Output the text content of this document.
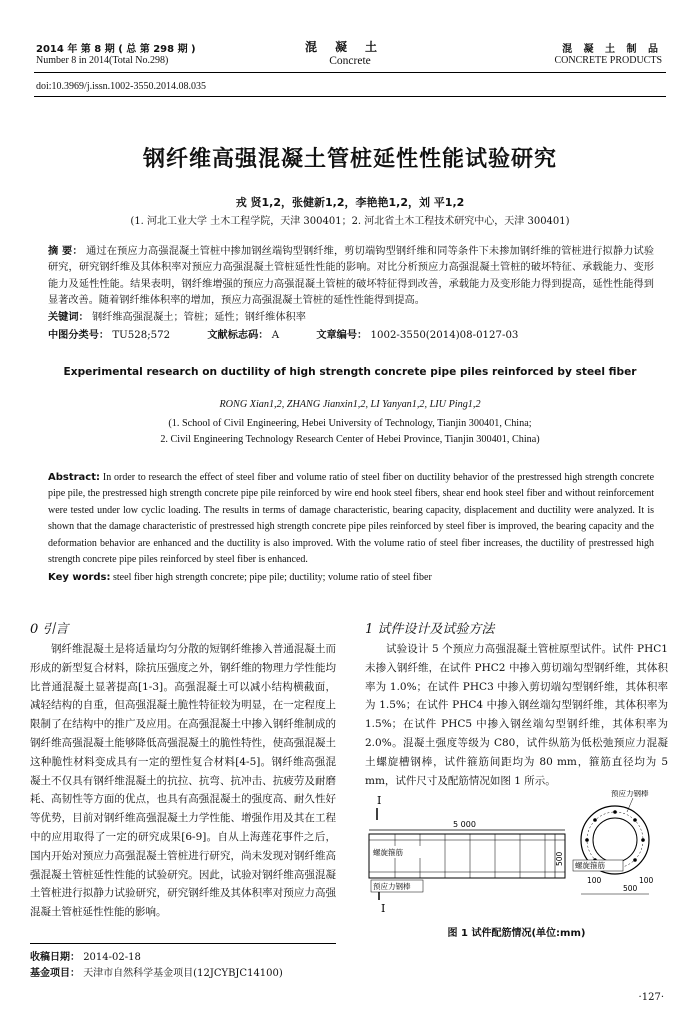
2014 年 第 8 期 ( 总 第 298 期 )
Number 8 in 2014(Total No.298)
混凝土
Concrete
混 凝 土 制 品
CONCRETE PRODUCTS
doi:10.3969/j.issn.1002-3550.2014.08.035
钢纤维高强混凝土管桩延性性能试验研究
戎 贤1,2，张健新1,2，李艳艳1,2，刘 平1,2
(1. 河北工业大学 土木工程学院，天津 300401；2. 河北省土木工程技术研究中心，天津 300401)
摘 要： 通过在预应力高强混凝土管桩中掺加钢丝端钩型钢纤维，剪切端钩型钢纤维和同等条件下未掺加钢纤维的管桩进行拟静力试验研究，研究钢纤维及其体积率对预应力高强混凝土管桩延性性能的影响。对比分析预应力高强混凝土管桩的破坏特征、承载能力、变形能力及延性性能。结果表明，钢纤维增强的预应力高强混凝土管桩的破坏特征得到改善，承载能力及变形能力得到提高，延性性能得到显著改善。随着钢纤维体积率的增加，预应力高强混凝土管桩的延性性能得到提高。
关键词： 钢纤维高强混凝土；管桩；延性；钢纤维体积率
中图分类号： TU528;572	文献标志码： A	文章编号： 1002-3550(2014)08-0127-03
Experimental research on ductility of high strength concrete pipe piles reinforced by steel fiber
RONG Xian1,2, ZHANG Jianxin1,2, LI Yanyan1,2, LIU Ping1,2
(1. School of Civil Engineering, Hebei University of Technology, Tianjin 300401, China;
2. Civil Engineering Technology Research Center of Hebei Province, Tianjin 300401, China)
Abstract: In order to research the effect of steel fiber and volume ratio of steel fiber on ductility behavior of the prestressed high strength concrete pipe pile, the prestressed high strength concrete pipe pile reinforced by wire end hook steel fibers, shear end hook steel fiber and without reinforcement were tested under low cyclic loading. The results in terms of damage characteristic, bearing capacity, displacement and ductility were analyzed. It is shown that the damage characteristic of prestressed high strength concrete pipe piles reinforced by steel fiber is improved, the bearing capacity and the deformation behavior are enhanced and the ductility is also improved. With the volume ratio of steel fiber increases, the ductility of prestressed high strength concrete pipe piles reinforced by steel fiber is enhanced.
Key words: steel fiber high strength concrete; pipe pile; ductility; volume ratio of steel fiber
0 引言
钢纤维混凝土是将适量均匀分散的短钢纤维掺入普通混凝土而形成的新型复合材料，除抗压强度之外，钢纤维的物理力学性能均比普通混凝土显著提高[1-3]。高强混凝土可以减小结构横截面，减轻结构的自重，但高强混凝土脆性特征较为明显，在一定程度上限制了在结构中的推广及应用。在高强混凝土中掺入钢纤维制成的钢纤维高强混凝土能够降低高强混凝土的脆性特性，使高强混凝土这种脆性材料变成具有一定的塑性复合材料[4-5]。钢纤维高强混凝土不仅具有钢纤维混凝土的抗拉、抗弯、抗冲击、抗疲劳及耐磨耗、高韧性等方面的优点，也具有高强混凝土的强度高、耐久性好等优势，目前对钢纤维高强混凝土力学性能、增强作用及其在工程中的应用取得了一定的研究成果[6-9]。自从上海莲花事件之后，国内开始对预应力高强混凝土管桩进行研究，尚未发现对钢纤维高强混凝土管桩延性性能的试验研究。因此，试验对钢纤维高强混凝土管桩进行拟静力试验研究，研究钢纤维及其体积率对预应力高强混凝土管桩延性性能的影响。
1 试件设计及试验方法
试验设计 5 个预应力高强混凝土管桩原型试件。试件 PHC1 未掺入钢纤维，在试件 PHC2 中掺入剪切端勾型钢纤维，其体积率为 1.0%；在试件 PHC3 中掺入剪切端勾型钢纤维，其体积率为 1.5%；在试件 PHC4 中掺入钢丝端勾型钢纤维，其体积率为 1.5%；在试件 PHC5 中掺入钢丝端勾型钢纤维，其体积率为 2.0%。混凝土强度等级为 C80，试件纵筋为低松弛预应力混凝土螺旋槽钢棒，试件箍筋间距均为 80 mm，箍筋直径均为 5 mm，试件尺寸及配筋情况如图 1 所示。
Ⅰ
Ⅰ
5 000
螺旋箍筋
预应力钢棒
500
预应力钢棒
螺旋箍筋
100	100
500
图 1 试件配筋情况(单位:mm)
收稿日期： 2014-02-18
基金项目： 天津市自然科学基金项目(12JCYBJC14100)
·127·
